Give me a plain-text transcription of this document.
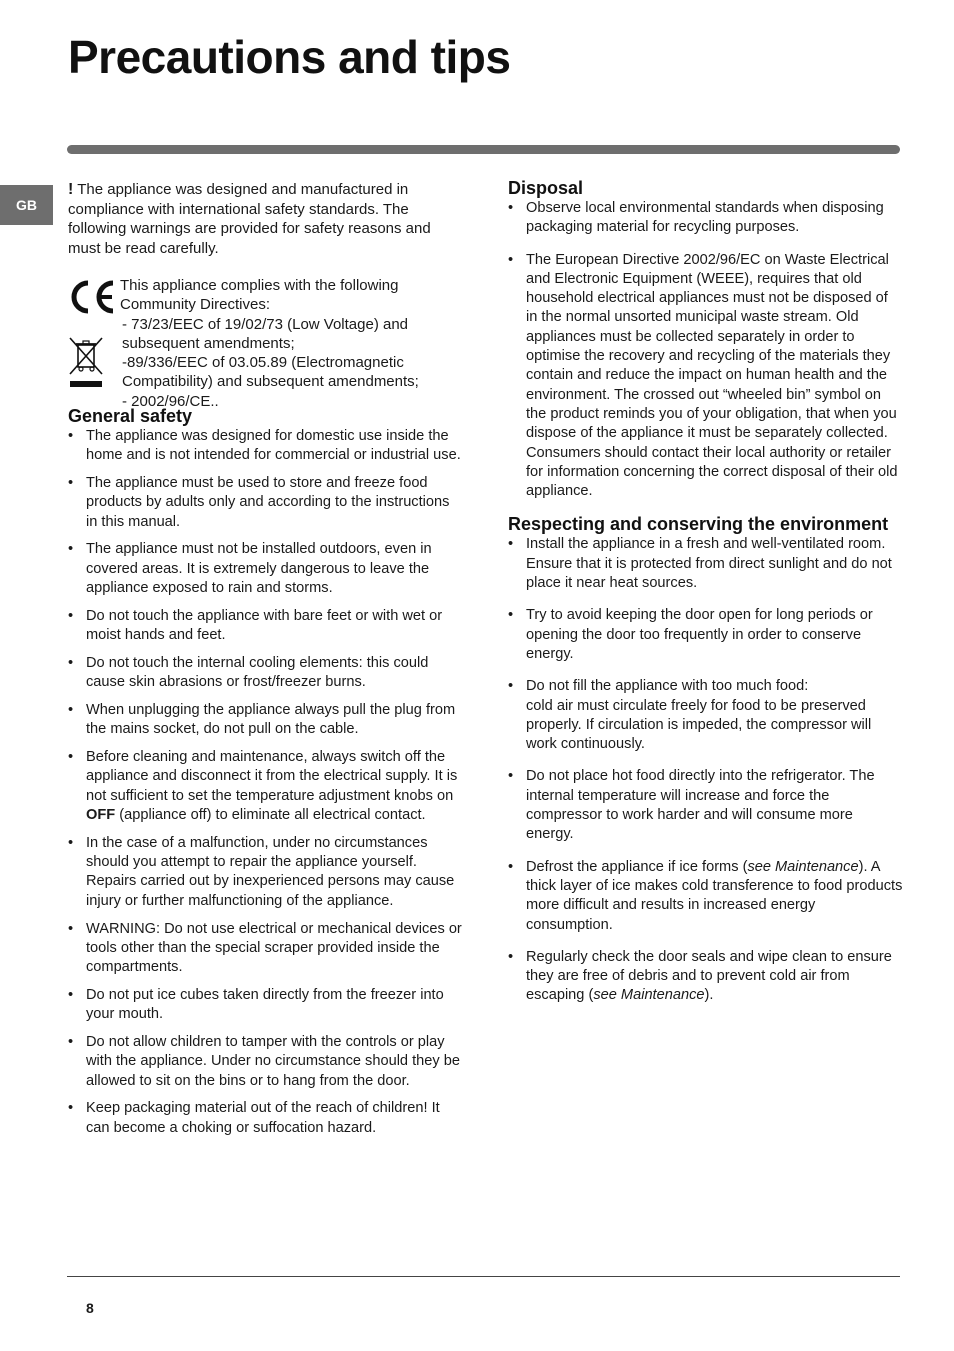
Precautions and tips
GB

! The appliance was designed and manufactured in compliance with international safety standards. The following warnings are provided for safety reasons and must be read carefully.

This appliance complies with the following
Community Directives:
- 73/23/EEC of 19/02/73 (Low Voltage) and
subsequent amendments;
-89/336/EEC of 03.05.89 (Electromagnetic
Compatibility) and subsequent amendments;
- 2002/96/CE..
General safety
• The appliance was designed for domestic use inside the home and is not intended for commercial or industrial use.
• The appliance must be used to store and freeze food products by adults only and according to the instructions in this manual.
• The appliance must not be installed outdoors, even in covered areas. It is extremely dangerous to leave the appliance exposed to rain and storms.
• Do not touch the appliance with bare feet or with wet or moist hands and feet.
• Do not touch the internal cooling elements: this could cause skin abrasions or frost/freezer burns.
• When unplugging the appliance always pull the plug from the mains socket, do not pull on the cable.
• Before cleaning and maintenance, always switch off the appliance and disconnect it from the electrical supply. It is not sufficient to set the temperature adjustment knobs on OFF (appliance off) to eliminate all electrical contact.
• In the case of a malfunction, under no circumstances should you attempt to repair the appliance yourself. Repairs carried out by inexperienced persons may cause injury or further malfunctioning of the appliance.
• WARNING: Do not use electrical or mechanical devices or tools other than the special scraper provided inside the compartments.
• Do not put ice cubes taken directly from the freezer into your mouth.
• Do not allow children to tamper with the controls or play with the appliance. Under no circumstance should they be allowed to sit on the bins or to hang from the door.
• Keep packaging material out of the reach of children! It can become a choking or suffocation hazard.
Disposal
• Observe local environmental standards when disposing packaging material for recycling purposes.
• The European Directive 2002/96/EC on Waste Electrical and Electronic Equipment (WEEE), requires that old household electrical appliances must not be disposed of in the normal unsorted municipal waste stream. Old appliances must be collected separately in order to optimise the recovery and recycling of the materials they contain and reduce the impact on human health and the environment. The crossed out “wheeled bin” symbol on the product reminds you of your obligation, that when you dispose of the appliance it must be separately collected. Consumers should contact their local authority or retailer for information concerning the correct disposal of their old appliance.
Respecting and conserving the environment
• Install the appliance in a fresh and well-ventilated room. Ensure that it is protected from direct sunlight and do not place it near heat sources.
• Try to avoid keeping the door open for long periods or opening the door too frequently in order to conserve energy.
• Do not fill the appliance with too much food:
cold air must circulate freely for food to be preserved properly. If circulation is impeded, the compressor will work continuously.
• Do not place hot food directly into the refrigerator. The internal temperature will increase and force the compressor to work harder and will consume more energy.
• Defrost the appliance if ice forms (see Maintenance). A thick layer of ice makes cold transference to food products more difficult and results in increased energy consumption.
• Regularly check the door seals and wipe clean to ensure they are free of debris and to prevent cold air from escaping (see Maintenance).
8
